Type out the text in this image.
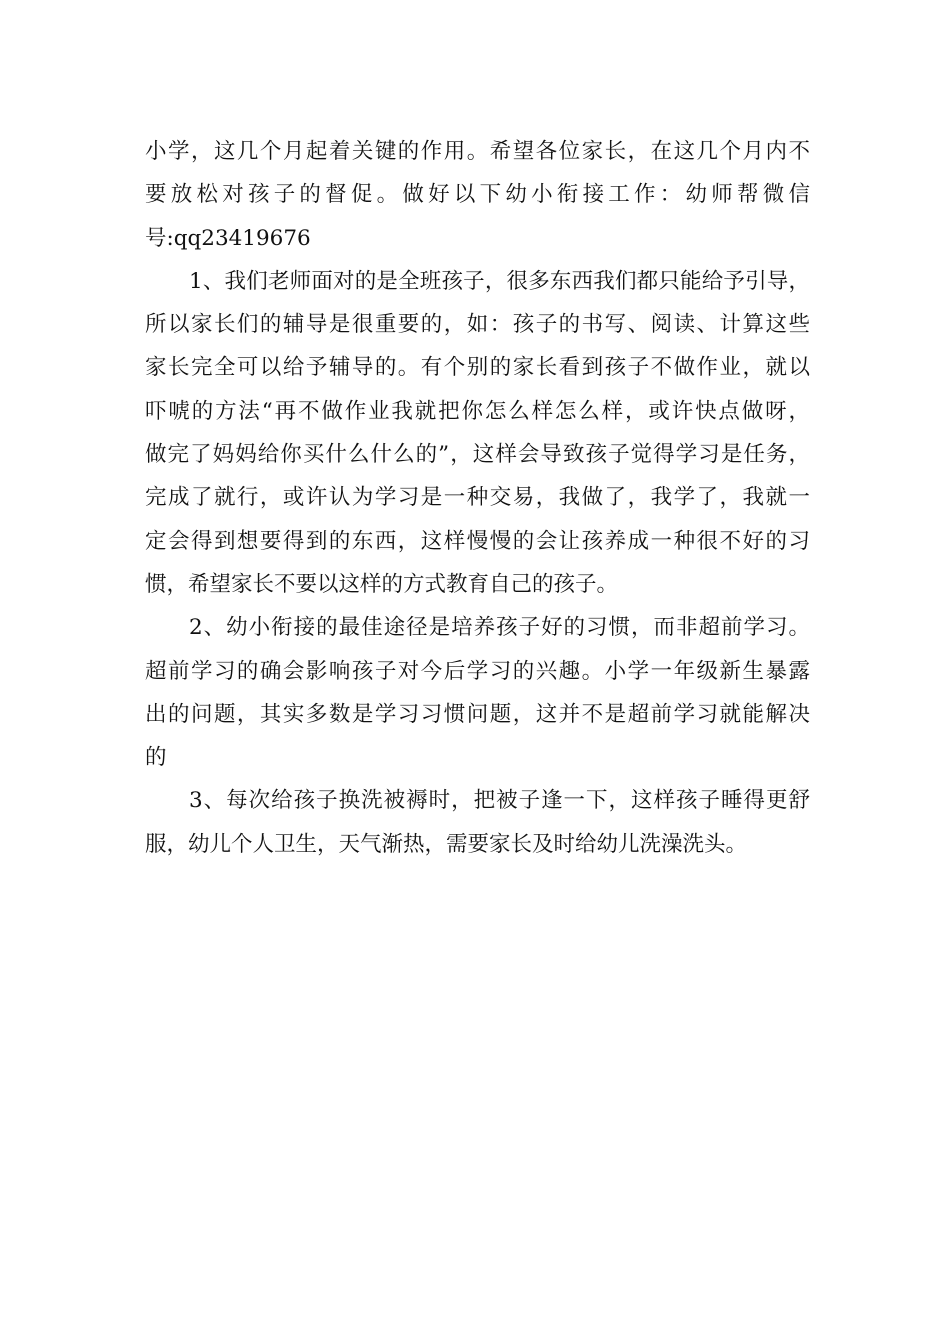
小学，这几个月起着关键的作用。希望各位家长，在这几个月内不
要放松对孩子的督促。做好以下幼小衔接工作：幼师帮微信
号:qq23419676

1、我们老师面对的是全班孩子，很多东西我们都只能给予引导，
所以家长们的辅导是很重要的，如：孩子的书写、阅读、计算这些
家长完全可以给予辅导的。有个别的家长看到孩子不做作业，就以
吓唬的方法“再不做作业我就把你怎么样怎么样，或许快点做呀，
做完了妈妈给你买什么什么的”，这样会导致孩子觉得学习是任务，
完成了就行，或许认为学习是一种交易，我做了，我学了，我就一
定会得到想要得到的东西，这样慢慢的会让孩养成一种很不好的习
惯，希望家长不要以这样的方式教育自己的孩子。

2、幼小衔接的最佳途径是培养孩子好的习惯，而非超前学习。
超前学习的确会影响孩子对今后学习的兴趣。小学一年级新生暴露
出的问题，其实多数是学习习惯问题，这并不是超前学习就能解决
的

3、每次给孩子换洗被褥时，把被子逢一下，这样孩子睡得更舒
服，幼儿个人卫生，天气渐热，需要家长及时给幼儿洗澡洗头。
